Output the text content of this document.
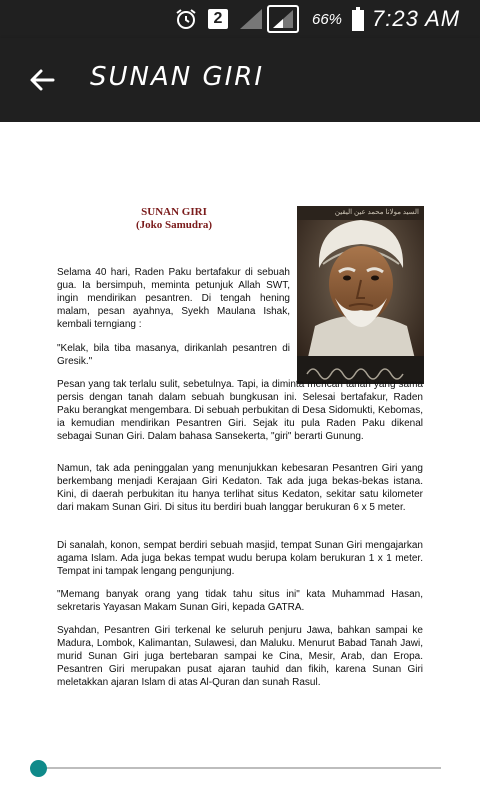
2	66% 7:23 AM
SUNAN GIRI
SUNAN GIRI
(Joko Samudra)
السيد مولانا محمد عين اليقين

Selama 40 hari, Raden Paku bertafakur di sebuah gua. Ia bersimpuh, meminta petunjuk Allah SWT, ingin mendirikan pesantren. Di tengah hening malam, pesan ayahnya, Syekh Maulana Ishak, kembali terngiang :

"Kelak, bila tiba masanya, dirikanlah pesantren di Gresik."

Pesan yang tak terlalu sulit, sebetulnya. Tapi, ia diminta mencari tanah yang sama persis dengan tanah dalam sebuah bungkusan ini. Selesai bertafakur, Raden Paku berangkat mengembara. Di sebuah perbukitan di Desa Sidomukti, Kebomas, ia kemudian mendirikan Pesantren Giri. Sejak itu pula Raden Paku dikenal sebagai Sunan Giri. Dalam bahasa Sansekerta, "giri" berarti Gunung.

Namun, tak ada peninggalan yang menunjukkan kebesaran Pesantren Giri yang berkembang menjadi Kerajaan Giri Kedaton. Tak ada juga bekas-bekas istana. Kini, di daerah perbukitan itu hanya terlihat situs Kedaton, sekitar satu kilometer dari makam Sunan Giri. Di situs itu berdiri buah langgar berukuran 6 x 5 meter.

Di sanalah, konon, sempat berdiri sebuah masjid, tempat Sunan Giri mengajarkan agama Islam. Ada juga bekas tempat wudu berupa kolam berukuran 1 x 1 meter. Tempat ini tampak lengang pengunjung.

"Memang banyak orang yang tidak tahu situs ini" kata Muhammad Hasan, sekretaris Yayasan Makam Sunan Giri, kepada GATRA.

Syahdan, Pesantren Giri terkenal ke seluruh penjuru Jawa, bahkan sampai ke Madura, Lombok, Kalimantan, Sulawesi, dan Maluku. Menurut Babad Tanah Jawi, murid Sunan Giri juga bertebaran sampai ke Cina, Mesir, Arab, dan Eropa. Pesantren Giri merupakan pusat ajaran tauhid dan fikih, karena Sunan Giri meletakkan ajaran Islam di atas Al-Quran dan sunah Rasul.
